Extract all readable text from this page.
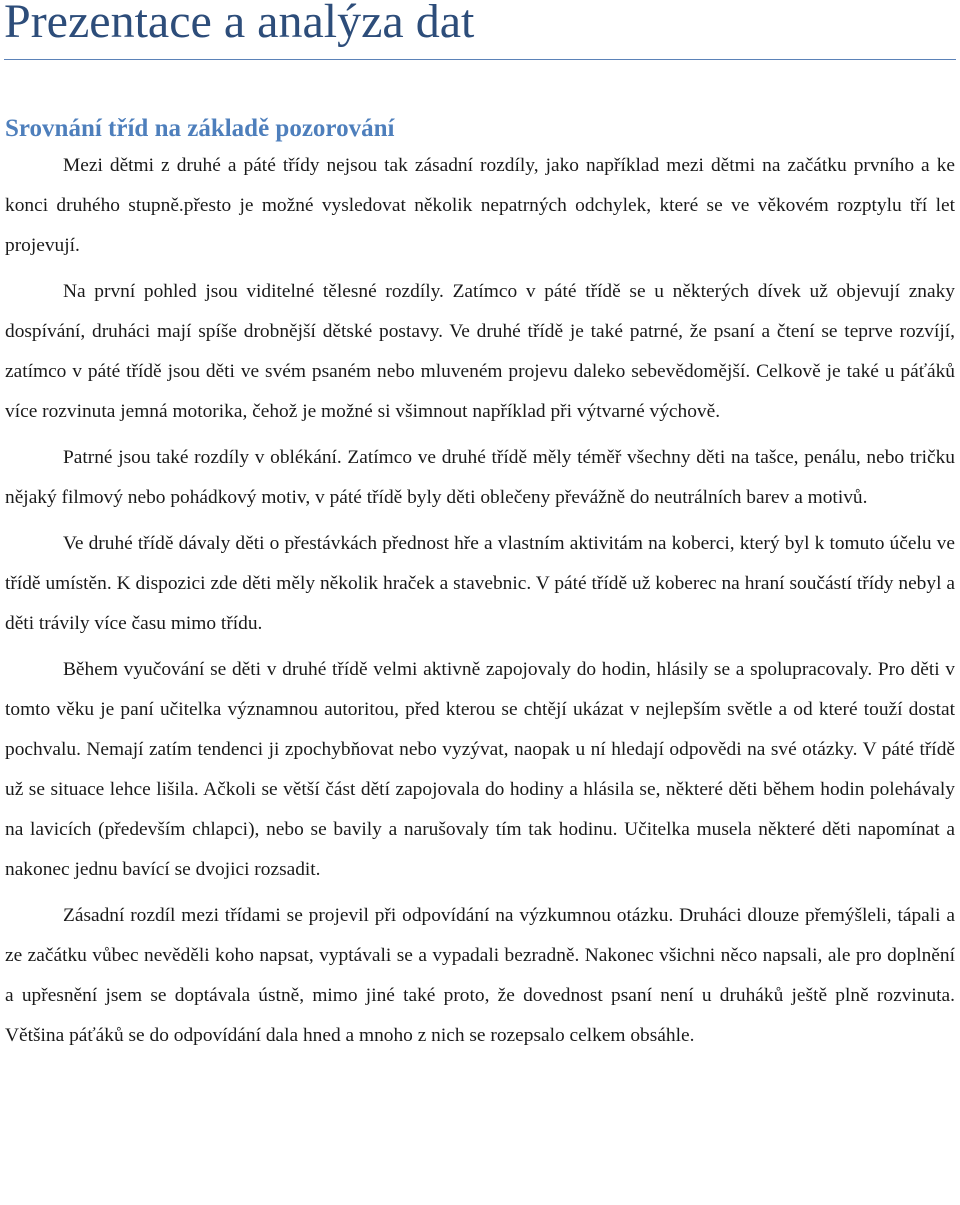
Prezentace a analýza dat
Srovnání tříd na základě pozorování

Mezi dětmi z druhé a páté třídy nejsou tak zásadní rozdíly, jako například mezi dětmi na začátku prvního a ke konci druhého stupně.přesto je možné vysledovat několik nepatrných odchylek, které se ve věkovém rozptylu tří let projevují.

Na první pohled jsou viditelné tělesné rozdíly. Zatímco v páté třídě se u některých dívek už objevují znaky dospívání, druháci mají spíše drobnější dětské postavy. Ve druhé třídě je také patrné, že psaní a čtení se teprve rozvíjí, zatímco v páté třídě jsou děti ve svém psaném nebo mluveném projevu daleko sebevědomější. Celkově je také u páťáků více rozvinuta jemná motorika, čehož je možné si všimnout například při výtvarné výchově.

Patrné jsou také rozdíly v oblékání. Zatímco ve druhé třídě měly téměř všechny děti na tašce, penálu, nebo tričku nějaký filmový nebo pohádkový motiv, v páté třídě byly děti oblečeny převážně do neutrálních barev a motivů.

Ve druhé třídě dávaly děti o přestávkách přednost hře a vlastním aktivitám na koberci, který byl k tomuto účelu ve třídě umístěn. K dispozici zde děti měly několik hraček a stavebnic. V páté třídě už koberec na hraní součástí třídy nebyl a děti trávily více času mimo třídu.

Během vyučování se děti v druhé třídě velmi aktivně zapojovaly do hodin, hlásily se a spolupracovaly. Pro děti v tomto věku je paní učitelka významnou autoritou, před kterou se chtějí ukázat v nejlepším světle a od které touží dostat pochvalu. Nemají zatím tendenci ji zpochybňovat nebo vyzývat, naopak u ní hledají odpovědi na své otázky. V páté třídě už se situace lehce lišila. Ačkoli se větší část dětí zapojovala do hodiny a hlásila se, některé děti během hodin polehávaly na lavicích (především chlapci), nebo se bavily a narušovaly tím tak hodinu. Učitelka musela některé děti napomínat a nakonec jednu bavící se dvojici rozsadit.

Zásadní rozdíl mezi třídami se projevil při odpovídání na výzkumnou otázku. Druháci dlouze přemýšleli, tápali a ze začátku vůbec nevěděli koho napsat, vyptávali se a vypadali bezradně. Nakonec všichni něco napsali, ale pro doplnění a upřesnění jsem se doptávala ústně, mimo jiné také proto, že dovednost psaní není u druháků ještě plně rozvinuta. Většina páťáků se do odpovídání dala hned a mnoho z nich se rozepsalo celkem obsáhle.
